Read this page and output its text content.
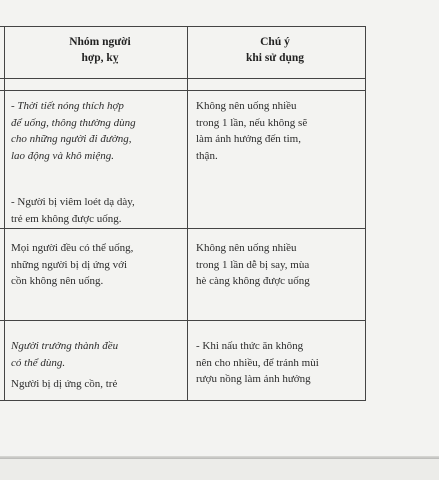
Nhóm người
hợp, kỵ
Chú ý
khi sử dụng
- Thời tiết nóng thích hợp
để uống, thông thường dùng
cho những người đi đường,
lao động và khô miệng.
- Người bị viêm loét dạ dày,
trẻ em không được uống.
Không nên uống nhiều
trong 1 lần, nếu không sẽ
làm ảnh hưởng đến tim,
thận.
Mọi người đều có thể uống,
những người bị dị ứng với
cồn không nên uống.
Không nên uống nhiều
trong 1 lần dễ bị say, mùa
hè càng không được uống
Người trưởng thành đều
có thể dùng.
Người bị dị ứng cồn, trẻ
- Khi nấu thức ăn không
nên cho nhiều, để tránh mùi
rượu nồng làm ảnh hưởng
